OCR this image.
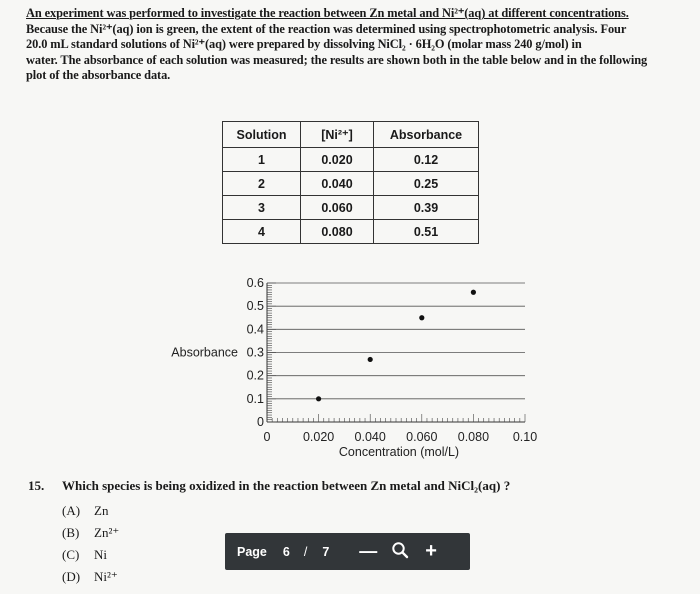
An experiment was performed to investigate the reaction between Zn metal and Ni²⁺(aq) at different concentrations.

Because the Ni²⁺(aq) ion is green, the extent of the reaction was determined using spectrophotometric analysis. Four

20.0 mL standard solutions of Ni²⁺(aq) were prepared by dissolving NiCl₂ · 6H₂O (molar mass 240 g/mol) in

water. The absorbance of each solution was measured; the results are shown both in the table below and in the following

plot of the absorbance data.

Solution	[Ni²⁺]	Absorbance
1	0.020	0.12
2	0.040	0.25
3	0.060	0.39
4	0.080	0.51
0
0.1
0.2
0.3
0.4
0.5
0.6
0	0.020 0.040 0.060 0.080 0.10
Absorbance
Concentration (mol/L)
15. Which species is being oxidized in the reaction between Zn metal and NiCl₂(aq) ?
(A) Zn
(B) Zn²⁺
(C) Ni
(D) Ni²⁺
Page 6 / 7 — +
